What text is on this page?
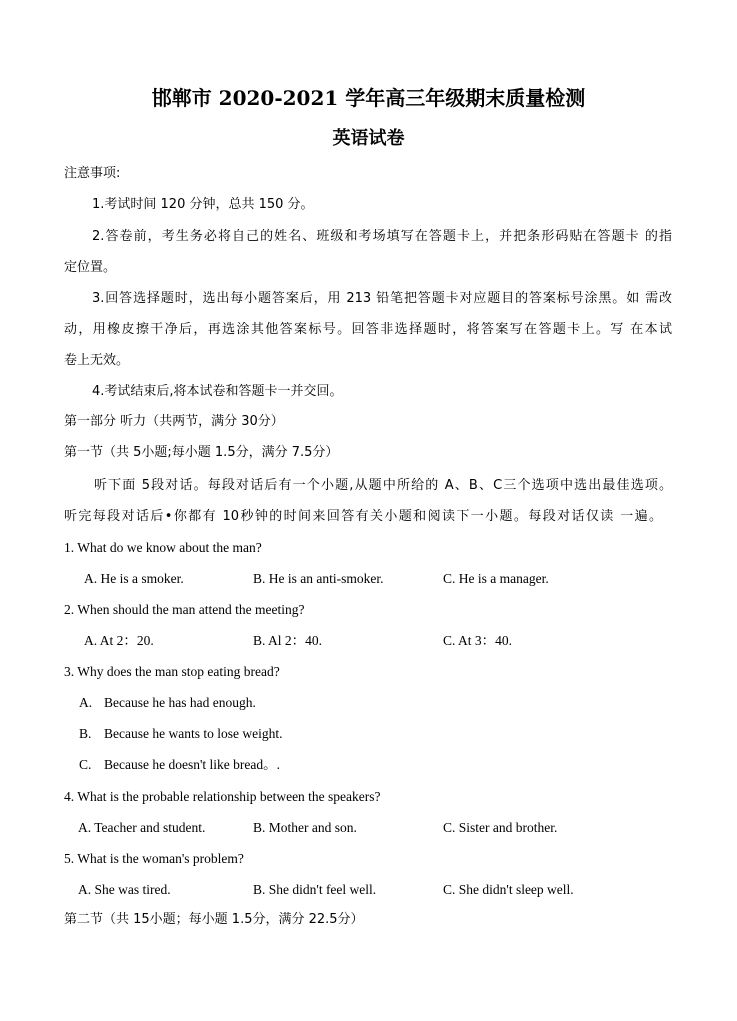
邯郸市 2020-2021 学年高三年级期末质量检测
英语试卷
注意事项:
1.考试时间 120 分钟，总共 150 分。
2.答卷前，考生务必将自己的姓名、班级和考场填写在答题卡上，并把条形码贴在答题卡 的指
定位置。
3.回答选择题时，选出每小题答案后，用 213 铅笔把答题卡对应题目的答案标号涂黑。如 需改
动，用橡皮擦干净后，再选涂其他答案标号。回答非选择题时，将答案写在答题卡上。写 在本试
卷上无效。
4.考试结束后,将本试卷和答题卡一并交回。
第一部分 听力（共两节，满分 30分）
第一节（共 5小题;每小题 1.5分，满分 7.5分）
听下面 5段对话。每段对话后有一个小题,从题中所给的 A、B、C三个选项中选出最佳选项。
听完每段对话后•你都有 10秒钟的时间来回答有关小题和阅读下一小题。每段对话仅读 一遍。
1. What do we know about the man?
A. He is a smoker.	B. He is an anti-smoker.	C. He is a manager.
2. When should the man attend the meeting?
A. At 2：20.	B. Al 2：40.	C. At 3：40.
3. Why does the man stop eating bread?
A. Because he has had enough.
B. Because he wants to lose weight.
C. Because he doesn't like bread。.
4. What is the probable relationship between the speakers?
A. Teacher and student.	B. Mother and son.	C. Sister and brother.
5. What is the woman's problem?
A. She was tired.	B. She didn't feel well.	C. She didn't sleep well.
第二节（共 15小题；每小题 1.5分，满分 22.5分）
